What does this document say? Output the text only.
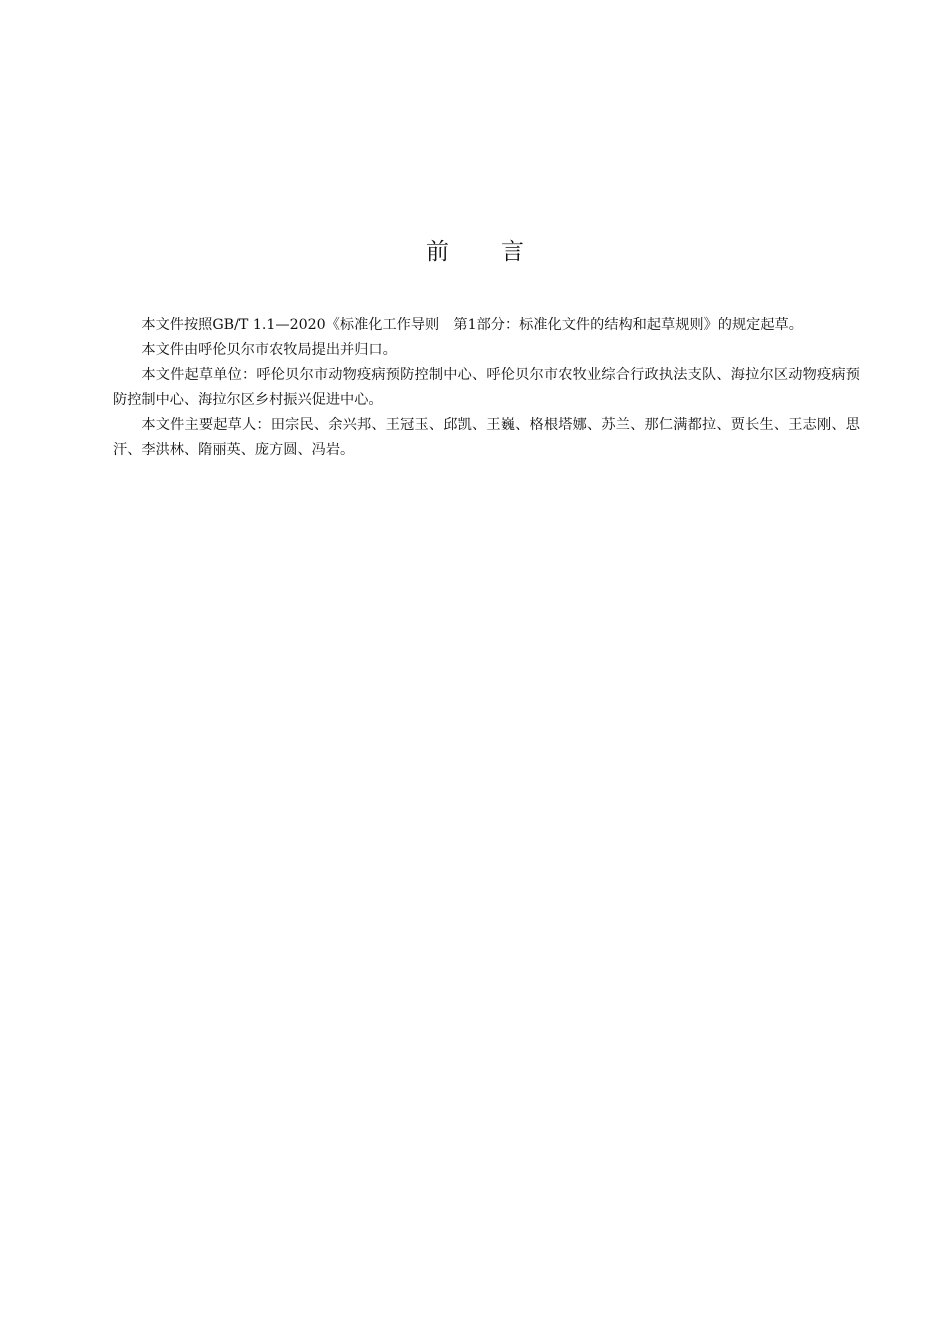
前 言

本文件按照GB/T 1.1—2020《标准化工作导则　第1部分：标准化文件的结构和起草规则》的规定起草。

本文件由呼伦贝尔市农牧局提出并归口。

本文件起草单位：呼伦贝尔市动物疫病预防控制中心、呼伦贝尔市农牧业综合行政执法支队、海拉尔区动物疫病预防控制中心、海拉尔区乡村振兴促进中心。

本文件主要起草人：田宗民、余兴邦、王冠玉、邱凯、王巍、格根塔娜、苏兰、那仁满都拉、贾长生、王志刚、思汗、李洪林、隋丽英、庞方圆、冯岩。
